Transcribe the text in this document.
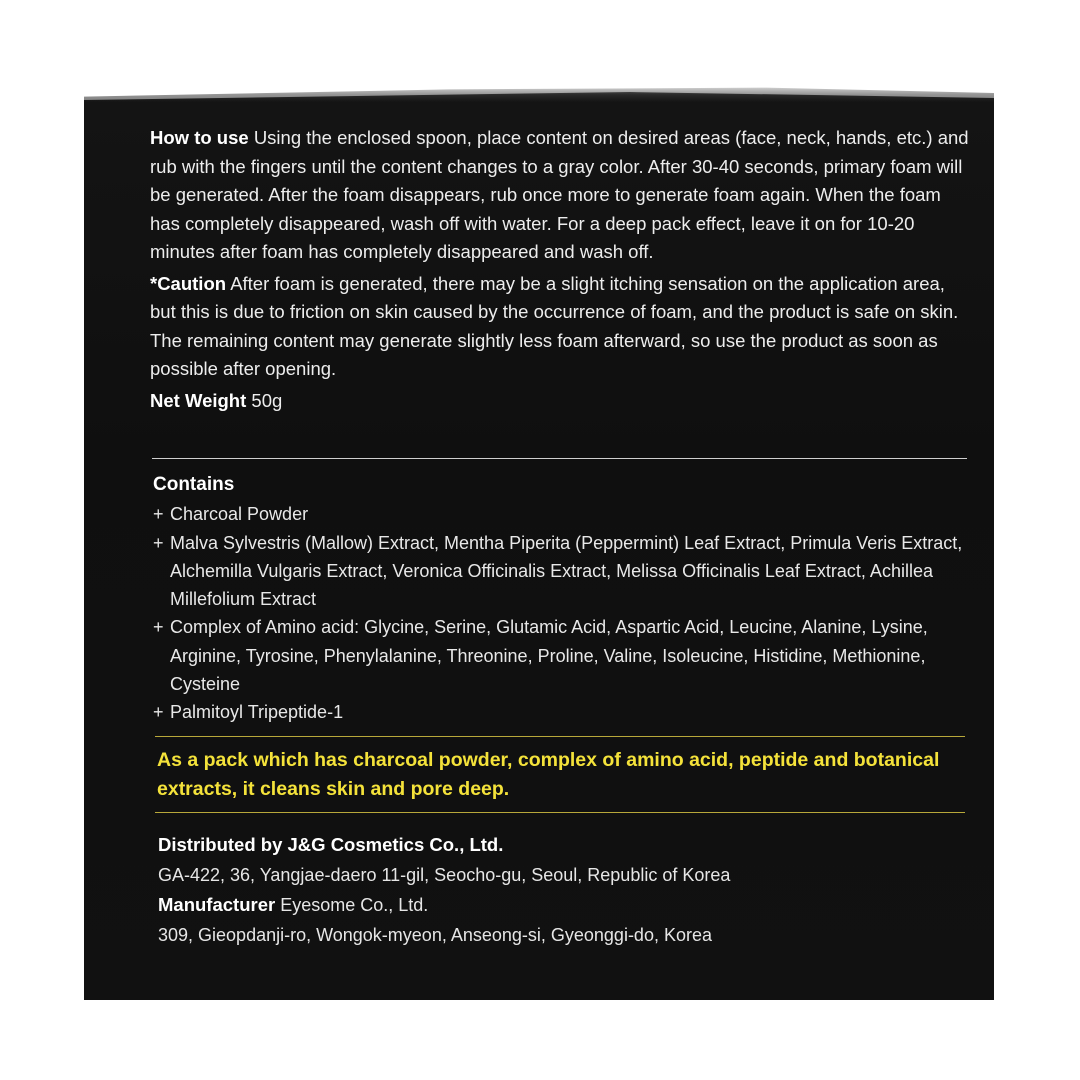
How to use Using the enclosed spoon, place content on desired areas (face, neck, hands, etc.) and rub with the fingers until the content changes to a gray color. After 30-40 seconds, primary foam will be generated. After the foam disappears, rub once more to generate foam again. When the foam has completely disappeared, wash off with water. For a deep pack effect, leave it on for 10-20 minutes after foam has completely disappeared and wash off.

*Caution After foam is generated, there may be a slight itching sensation on the application area, but this is due to friction on skin caused by the occurrence of foam, and the product is safe on skin.
The remaining content may generate slightly less foam afterward, so use the product as soon as possible after opening.

Net Weight 50g

Contains
+ Charcoal Powder
+ Malva Sylvestris (Mallow) Extract, Mentha Piperita (Peppermint) Leaf Extract, Primula Veris Extract, Alchemilla Vulgaris Extract, Veronica Officinalis Extract, Melissa Officinalis Leaf Extract, Achillea Millefolium Extract
+ Complex of Amino acid: Glycine, Serine, Glutamic Acid, Aspartic Acid, Leucine, Alanine, Lysine, Arginine, Tyrosine, Phenylalanine, Threonine, Proline, Valine, Isoleucine, Histidine, Methionine, Cysteine
+ Palmitoyl Tripeptide-1
As a pack which has charcoal powder, complex of amino acid, peptide and botanical extracts, it cleans skin and pore deep.
Distributed by J&G Cosmetics Co., Ltd.
GA-422, 36, Yangjae-daero 11-gil, Seocho-gu, Seoul, Republic of Korea
Manufacturer Eyesome Co., Ltd.
309, Gieopdanji-ro, Wongok-myeon, Anseong-si, Gyeonggi-do, Korea
